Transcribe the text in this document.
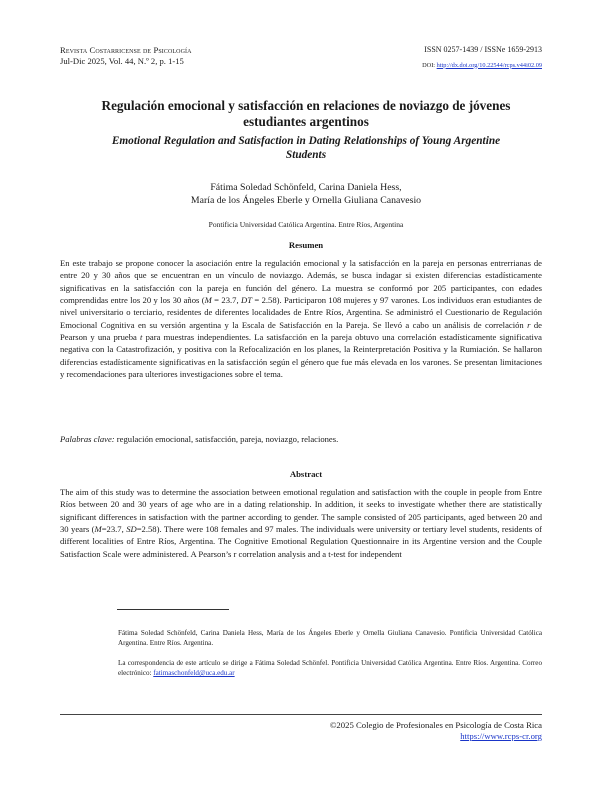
Revista Costarricense de Psicología
Jul-Dic 2025, Vol. 44, N.º 2, p. 1-15
ISSN 0257-1439 / ISSNe 1659-2913
DOI: http://dx.doi.org/10.22544/rcps.v44i02.09
Regulación emocional y satisfacción en relaciones de noviazgo de jóvenes estudiantes argentinos
Emotional Regulation and Satisfaction in Dating Relationships of Young Argentine Students
Fátima Soledad Schönfeld, Carina Daniela Hess,
María de los Ángeles Eberle y Ornella Giuliana Canavesio
Pontificia Universidad Católica Argentina. Entre Ríos, Argentina
Resumen

En este trabajo se propone conocer la asociación entre la regulación emocional y la satisfacción en la pareja en personas entrerrianas de entre 20 y 30 años que se encuentran en un vínculo de noviazgo. Además, se busca indagar si existen diferencias estadísticamente significativas en la satisfacción con la pareja en función del género. La muestra se conformó por 205 participantes, con edades comprendidas entre los 20 y los 30 años (M = 23.7, DT = 2.58). Participaron 108 mujeres y 97 varones. Los individuos eran estudiantes de nivel universitario o terciario, residentes de diferentes localidades de Entre Ríos, Argentina. Se administró el Cuestionario de Regulación Emocional Cognitiva en su versión argentina y la Escala de Satisfacción en la Pareja. Se llevó a cabo un análisis de correlación r de Pearson y una prueba t para muestras independientes. La satisfacción en la pareja obtuvo una correlación estadísticamente significativa negativa con la Catastrofización, y positiva con la Refocalización en los planes, la Reinterpretación Positiva y la Rumiación. Se hallaron diferencias estadísticamente significativas en la satisfacción según el género que fue más elevada en los varones. Se presentan limitaciones y recomendaciones para ulteriores investigaciones sobre el tema.

Palabras clave: regulación emocional, satisfacción, pareja, noviazgo, relaciones.

Abstract

The aim of this study was to determine the association between emotional regulation and satisfaction with the couple in people from Entre Ríos between 20 and 30 years of age who are in a dating relationship. In addition, it seeks to investigate whether there are statistically significant differences in satisfaction with the partner according to gender. The sample consisted of 205 participants, aged between 20 and 30 years (M=23.7, SD=2.58). There were 108 females and 97 males. The individuals were university or tertiary level students, residents of different localities of Entre Ríos, Argentina. The Cognitive Emotional Regulation Questionnaire in its Argentine version and the Couple Satisfaction Scale were administered. A Pearson’s r correlation analysis and a t-test for independent

Fátima Soledad Schönfeld, Carina Daniela Hess, María de los Ángeles Eberle y Ornella Giuliana Canavesio. Pontificia Universidad Católica Argentina. Entre Ríos. Argentina.

La correspondencia de este artículo se dirige a Fátima Soledad Schönfel. Pontificia Universidad Católica Argentina. Entre Ríos. Argentina. Correo electrónico: fatimaschonfeld@uca.edu.ar

©2025 Colegio de Profesionales en Psicología de Costa Rica
https://www.rcps-cr.org
